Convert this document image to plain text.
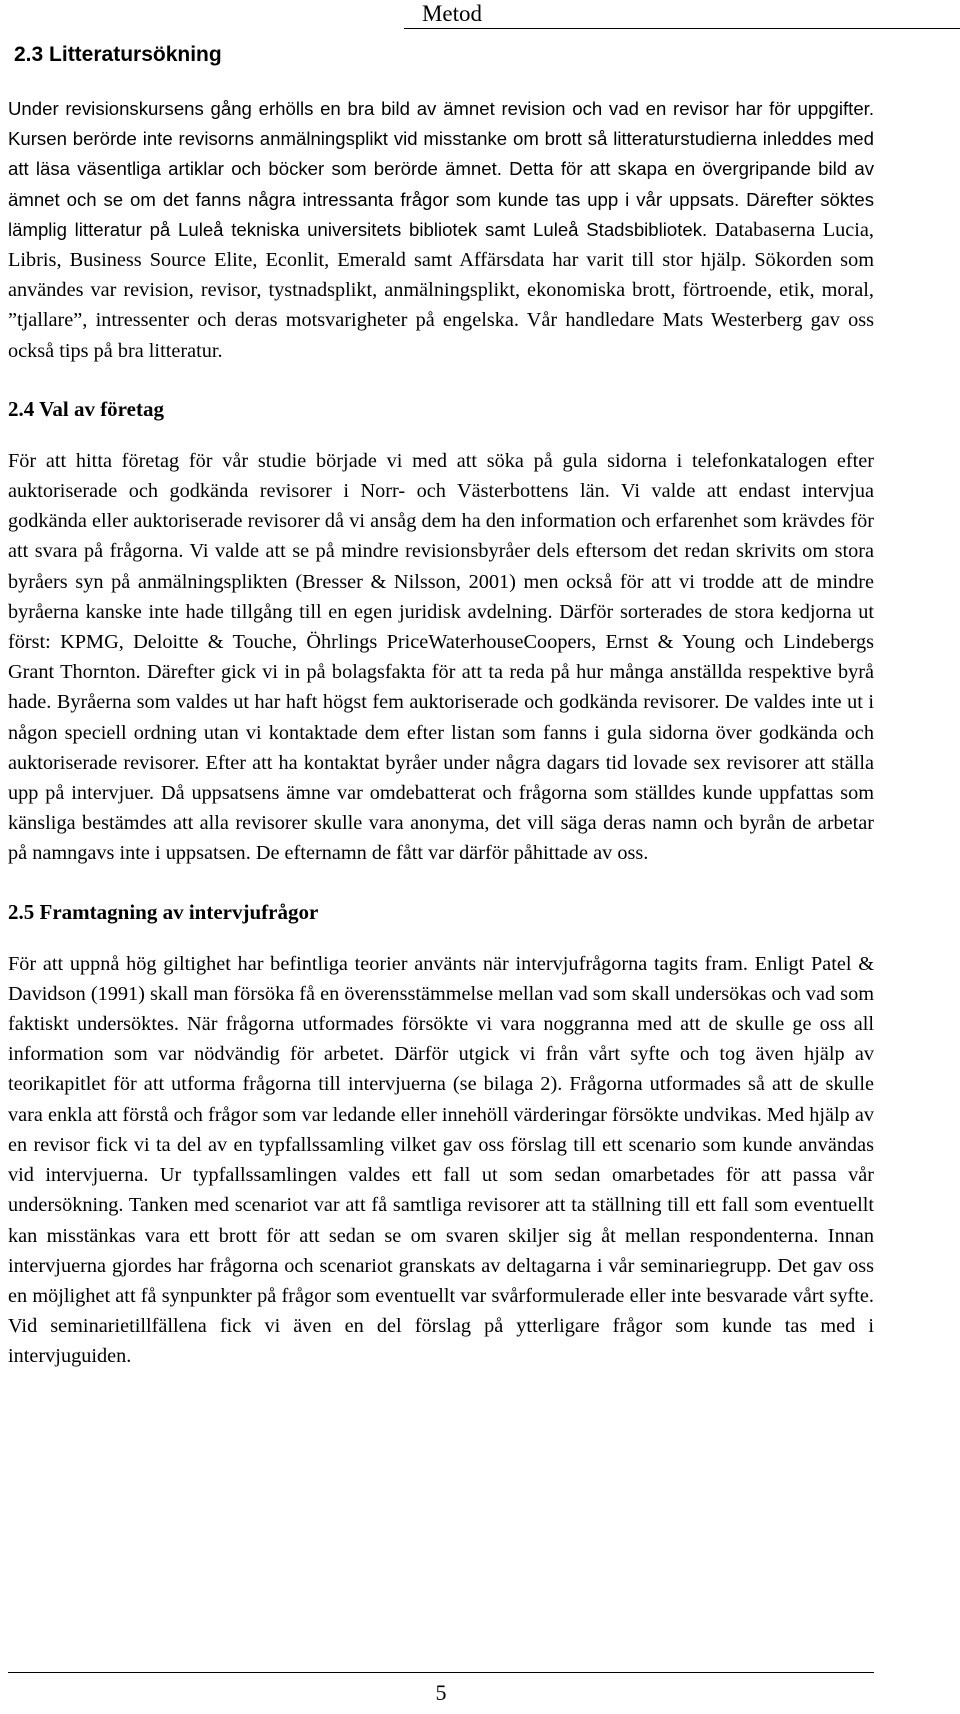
Metod
2.3 Litteratursökning

Under revisionskursens gång erhölls en bra bild av ämnet revision och vad en revisor har för uppgifter. Kursen berörde inte revisorns anmälningsplikt vid misstanke om brott så litteraturstudierna inleddes med att läsa väsentliga artiklar och böcker som berörde ämnet. Detta för att skapa en övergripande bild av ämnet och se om det fanns några intressanta frågor som kunde tas upp i vår uppsats. Därefter söktes lämplig litteratur på Luleå tekniska universitets bibliotek samt Luleå Stadsbibliotek. Databaserna Lucia, Libris, Business Source Elite, Econlit, Emerald samt Affärsdata har varit till stor hjälp. Sökorden som användes var revision, revisor, tystnadsplikt, anmälningsplikt, ekonomiska brott, förtroende, etik, moral, ”tjallare”, intressenter och deras motsvarigheter på engelska. Vår handledare Mats Westerberg gav oss också tips på bra litteratur.

2.4 Val av företag

För att hitta företag för vår studie började vi med att söka på gula sidorna i telefonkatalogen efter auktoriserade och godkända revisorer i Norr- och Västerbottens län. Vi valde att endast intervjua godkända eller auktoriserade revisorer då vi ansåg dem ha den information och erfarenhet som krävdes för att svara på frågorna. Vi valde att se på mindre revisionsbyråer dels eftersom det redan skrivits om stora byråers syn på anmälningsplikten (Bresser & Nilsson, 2001) men också för att vi trodde att de mindre byråerna kanske inte hade tillgång till en egen juridisk avdelning. Därför sorterades de stora kedjorna ut först: KPMG, Deloitte & Touche, Öhrlings PriceWaterhouseCoopers, Ernst & Young och Lindebergs Grant Thornton. Därefter gick vi in på bolagsfakta för att ta reda på hur många anställda respektive byrå hade. Byråerna som valdes ut har haft högst fem auktoriserade och godkända revisorer. De valdes inte ut i någon speciell ordning utan vi kontaktade dem efter listan som fanns i gula sidorna över godkända och auktoriserade revisorer. Efter att ha kontaktat byråer under några dagars tid lovade sex revisorer att ställa upp på intervjuer. Då uppsatsens ämne var omdebatterat och frågorna som ställdes kunde uppfattas som känsliga bestämdes att alla revisorer skulle vara anonyma, det vill säga deras namn och byrån de arbetar på namngavs inte i uppsatsen. De efternamn de fått var därför påhittade av oss.

2.5 Framtagning av intervjufrågor

För att uppnå hög giltighet har befintliga teorier använts när intervjufrågorna tagits fram. Enligt Patel & Davidson (1991) skall man försöka få en överensstämmelse mellan vad som skall undersökas och vad som faktiskt undersöktes. När frågorna utformades försökte vi vara noggranna med att de skulle ge oss all information som var nödvändig för arbetet. Därför utgick vi från vårt syfte och tog även hjälp av teorikapitlet för att utforma frågorna till intervjuerna (se bilaga 2). Frågorna utformades så att de skulle vara enkla att förstå och frågor som var ledande eller innehöll värderingar försökte undvikas. Med hjälp av en revisor fick vi ta del av en typfallssamling vilket gav oss förslag till ett scenario som kunde användas vid intervjuerna. Ur typfallssamlingen valdes ett fall ut som sedan omarbetades för att passa vår undersökning. Tanken med scenariot var att få samtliga revisorer att ta ställning till ett fall som eventuellt kan misstänkas vara ett brott för att sedan se om svaren skiljer sig åt mellan respondenterna. Innan intervjuerna gjordes har frågorna och scenariot granskats av deltagarna i vår seminariegrupp. Det gav oss en möjlighet att få synpunkter på frågor som eventuellt var svårformulerade eller inte besvarade vårt syfte. Vid seminarietillfällena fick vi även en del förslag på ytterligare frågor som kunde tas med i intervjuguiden.

5
